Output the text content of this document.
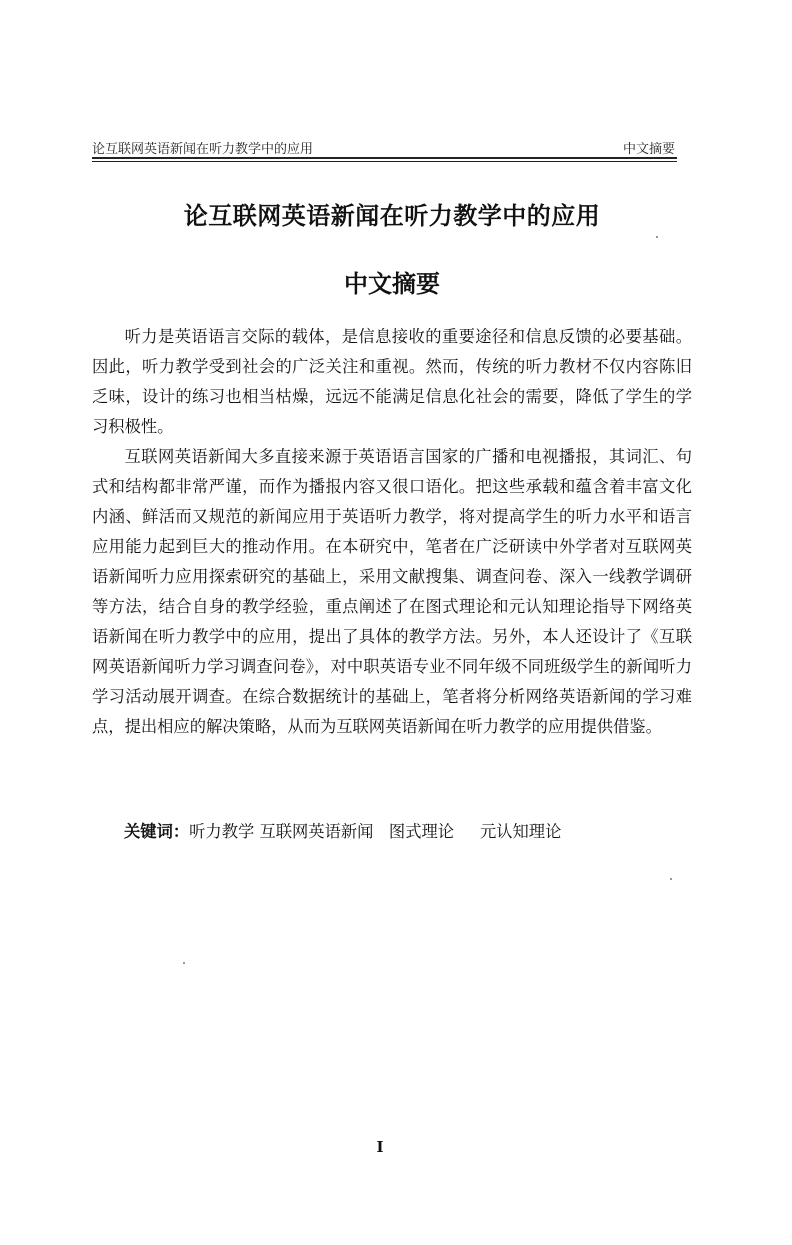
论互联网英语新闻在听力教学中的应用	中文摘要
论互联网英语新闻在听力教学中的应用
中文摘要

听力是英语语言交际的载体，是信息接收的重要途径和信息反馈的必要基础。因此，听力教学受到社会的广泛关注和重视。然而，传统的听力教材不仅内容陈旧乏味，设计的练习也相当枯燥，远远不能满足信息化社会的需要，降低了学生的学习积极性。

互联网英语新闻大多直接来源于英语语言国家的广播和电视播报，其词汇、句式和结构都非常严谨，而作为播报内容又很口语化。把这些承载和蕴含着丰富文化内涵、鲜活而又规范的新闻应用于英语听力教学，将对提高学生的听力水平和语言应用能力起到巨大的推动作用。在本研究中，笔者在广泛研读中外学者对互联网英语新闻听力应用探索研究的基础上，采用文献搜集、调查问卷、深入一线教学调研等方法，结合自身的教学经验，重点阐述了在图式理论和元认知理论指导下网络英语新闻在听力教学中的应用，提出了具体的教学方法。另外，本人还设计了《互联网英语新闻听力学习调查问卷》，对中职英语专业不同年级不同班级学生的新闻听力学习活动展开调查。在综合数据统计的基础上，笔者将分析网络英语新闻的学习难点，提出相应的解决策略，从而为互联网英语新闻在听力教学的应用提供借鉴。

关键词：听力教学 互联网英语新闻   图式理论     元认知理论
I
